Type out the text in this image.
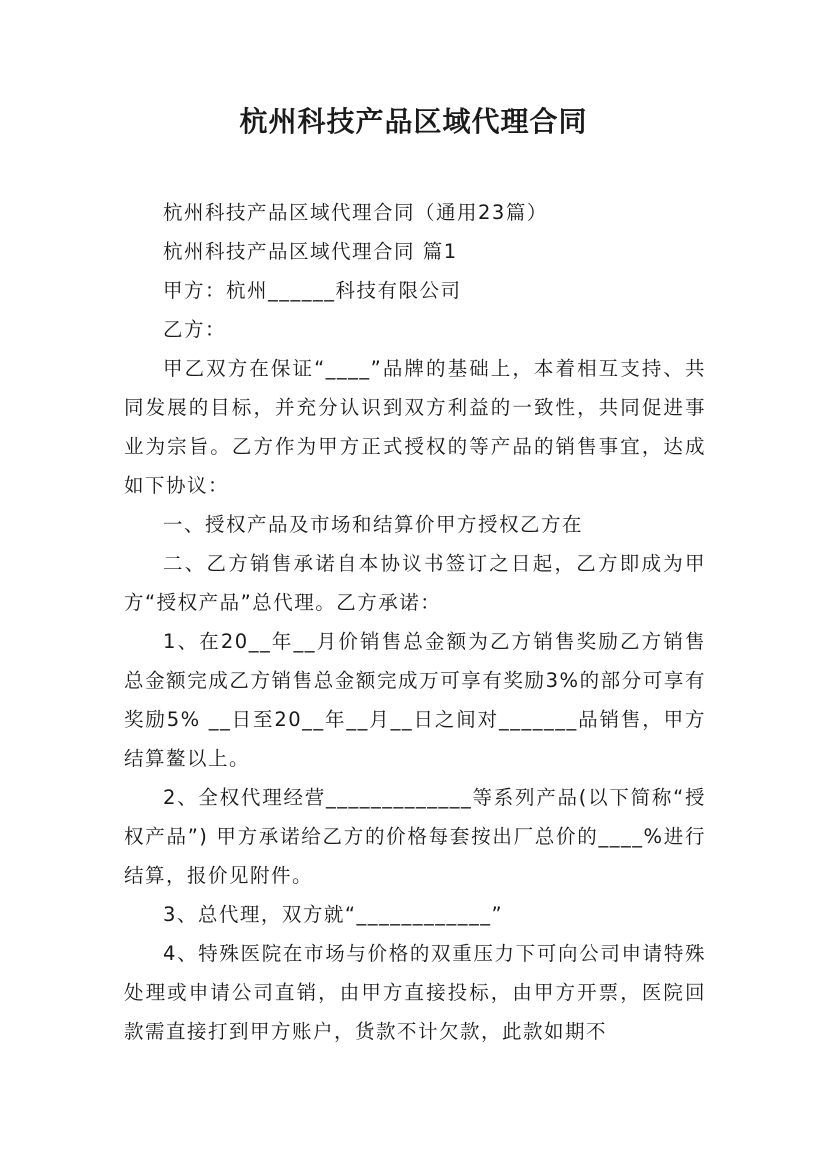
杭州科技产品区域代理合同

杭州科技产品区域代理合同（通用23篇）

杭州科技产品区域代理合同 篇1

甲方：杭州______科技有限公司

乙方：

甲乙双方在保证“____”品牌的基础上，本着相互支持、共同发展的目标，并充分认识到双方利益的一致性，共同促进事业为宗旨。乙方作为甲方正式授权的等产品的销售事宜，达成如下协议：

一、授权产品及市场和结算价甲方授权乙方在

二、乙方销售承诺自本协议书签订之日起，乙方即成为甲方“授权产品”总代理。乙方承诺：

1、在20__年__月价销售总金额为乙方销售奖励乙方销售总金额完成乙方销售总金额完成万可享有奖励3%的部分可享有奖励5% __日至20__年__月__日之间对_______品销售，甲方结算鳌以上。

2、全权代理经营_____________等系列产品(以下简称“授权产品”) 甲方承诺给乙方的价格每套按出厂总价的____%进行结算，报价见附件。

3、总代理，双方就“____________”

4、特殊医院在市场与价格的双重压力下可向公司申请特殊处理或申请公司直销，由甲方直接投标，由甲方开票，医院回款需直接打到甲方账户，货款不计欠款，此款如期不
